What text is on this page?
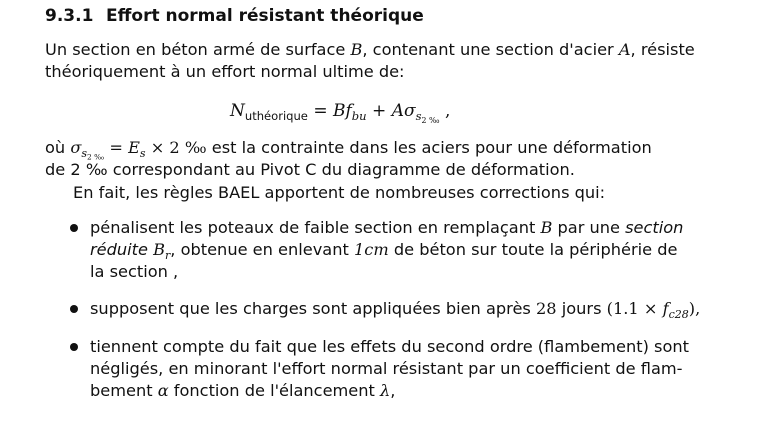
9.3.1 Effort normal résistant théorique
Un section en béton armé de surface B, contenant une section d'acier A, résiste
théoriquement à un effort normal ultime de:
$N_{uthéorique} = Bf_{bu} + A\sigma_{s_{2 ‰}}$ ,
où $\sigma_{s_{2 ‰}} = E_s \times 2$ ‰ est la contrainte dans les aciers pour une déformation
de 2 ‰ correspondant au Pivot C du diagramme de déformation.
En fait, les règles BAEL apportent de nombreuses corrections qui:
pénalisent les poteaux de faible section en remplaçant B par une section
réduite $B_r$, obtenue en enlevant 1cm de béton sur toute la périphérie de
la section ,
supposent que les charges sont appliquées bien après 28 jours $(1.1 \times f_{c28})$,
tiennent compte du fait que les effets du second ordre (flambement) sont
négligés, en minorant l'effort normal résistant par un coefficient de flam-
bement α fonction de l'élancement λ,
